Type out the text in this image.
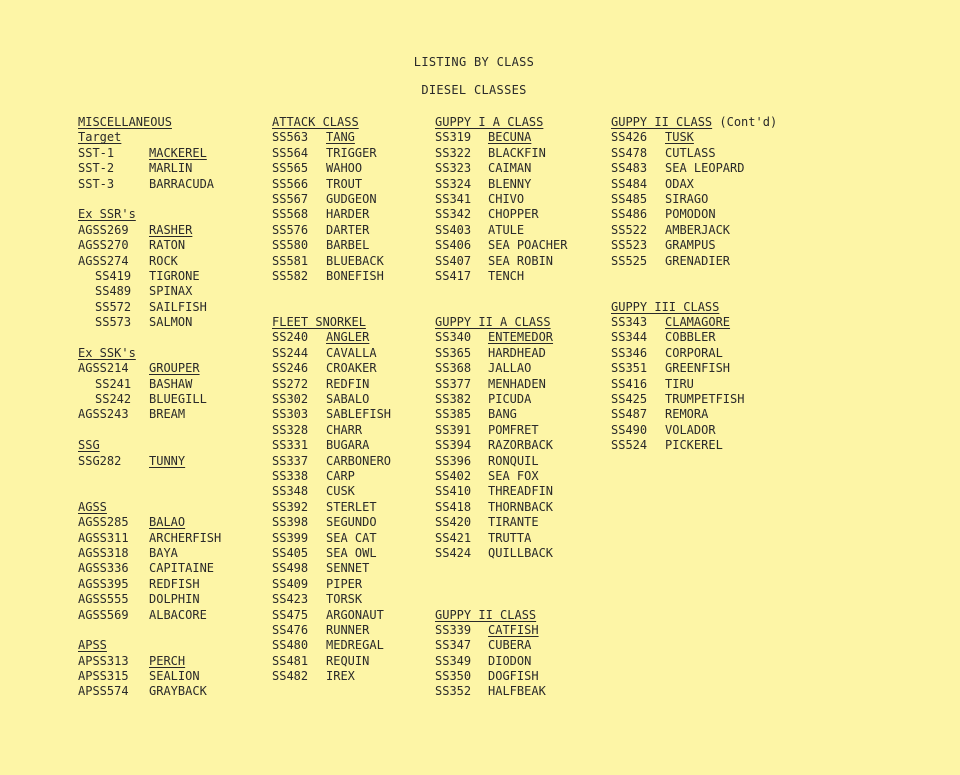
LISTING BY CLASS
DIESEL CLASSES
MISCELLANEOUS
Target
SST-1	MACKEREL
SST-2	MARLIN
SST-3	BARRACUDA
Ex SSR's
AGSS269 RASHER
AGSS270 RATON
AGSS274 ROCK
SS419 TIGRONE
SS489 SPINAX
SS572 SAILFISH
SS573 SALMON
Ex SSK's
AGSS214 GROUPER
SS241 BASHAW
SS242 BLUEGILL
AGSS243 BREAM
SSG
SSG282 TUNNY
AGSS
AGSS285 BALAO
AGSS311 ARCHERFISH
AGSS318 BAYA
AGSS336 CAPITAINE
AGSS395 REDFISH
AGSS555 DOLPHIN
AGSS569 ALBACORE
APSS
APSS313 PERCH
APSS315 SEALION
APSS574 GRAYBACK
ATTACK CLASS
SS563 TANG
SS564 TRIGGER
SS565 WAHOO
SS566 TROUT
SS567 GUDGEON
SS568 HARDER
SS576 DARTER
SS580 BARBEL
SS581 BLUEBACK
SS582 BONEFISH
FLEET SNORKEL
SS240 ANGLER
SS244 CAVALLA
SS246 CROAKER
SS272 REDFIN
SS302 SABALO
SS303 SABLEFISH
SS328 CHARR
SS331 BUGARA
SS337 CARBONERO
SS338 CARP
SS348 CUSK
SS392 STERLET
SS398 SEGUNDO
SS399 SEA CAT
SS405 SEA OWL
SS498 SENNET
SS409 PIPER
SS423 TORSK
SS475 ARGONAUT
SS476 RUNNER
SS480 MEDREGAL
SS481 REQUIN
SS482 IREX
GUPPY I A CLASS
SS319 BECUNA
SS322 BLACKFIN
SS323 CAIMAN
SS324 BLENNY
SS341 CHIVO
SS342 CHOPPER
SS403 ATULE
SS406 SEA POACHER
SS407 SEA ROBIN
SS417 TENCH
GUPPY II A CLASS
SS340 ENTEMEDOR
SS365 HARDHEAD
SS368 JALLAO
SS377 MENHADEN
SS382 PICUDA
SS385 BANG
SS391 POMFRET
SS394 RAZORBACK
SS396 RONQUIL
SS402 SEA FOX
SS410 THREADFIN
SS418 THORNBACK
SS420 TIRANTE
SS421 TRUTTA
SS424 QUILLBACK
GUPPY II CLASS
SS339 CATFISH
SS347 CUBERA
SS349 DIODON
SS350 DOGFISH
SS352 HALFBEAK
GUPPY II CLASS (Cont'd)
SS426 TUSK
SS478 CUTLASS
SS483 SEA LEOPARD
SS484 ODAX
SS485 SIRAGO
SS486 POMODON
SS522 AMBERJACK
SS523 GRAMPUS
SS525 GRENADIER
GUPPY III CLASS
SS343 CLAMAGORE
SS344 COBBLER
SS346 CORPORAL
SS351 GREENFISH
SS416 TIRU
SS425 TRUMPETFISH
SS487 REMORA
SS490 VOLADOR
SS524 PICKEREL
